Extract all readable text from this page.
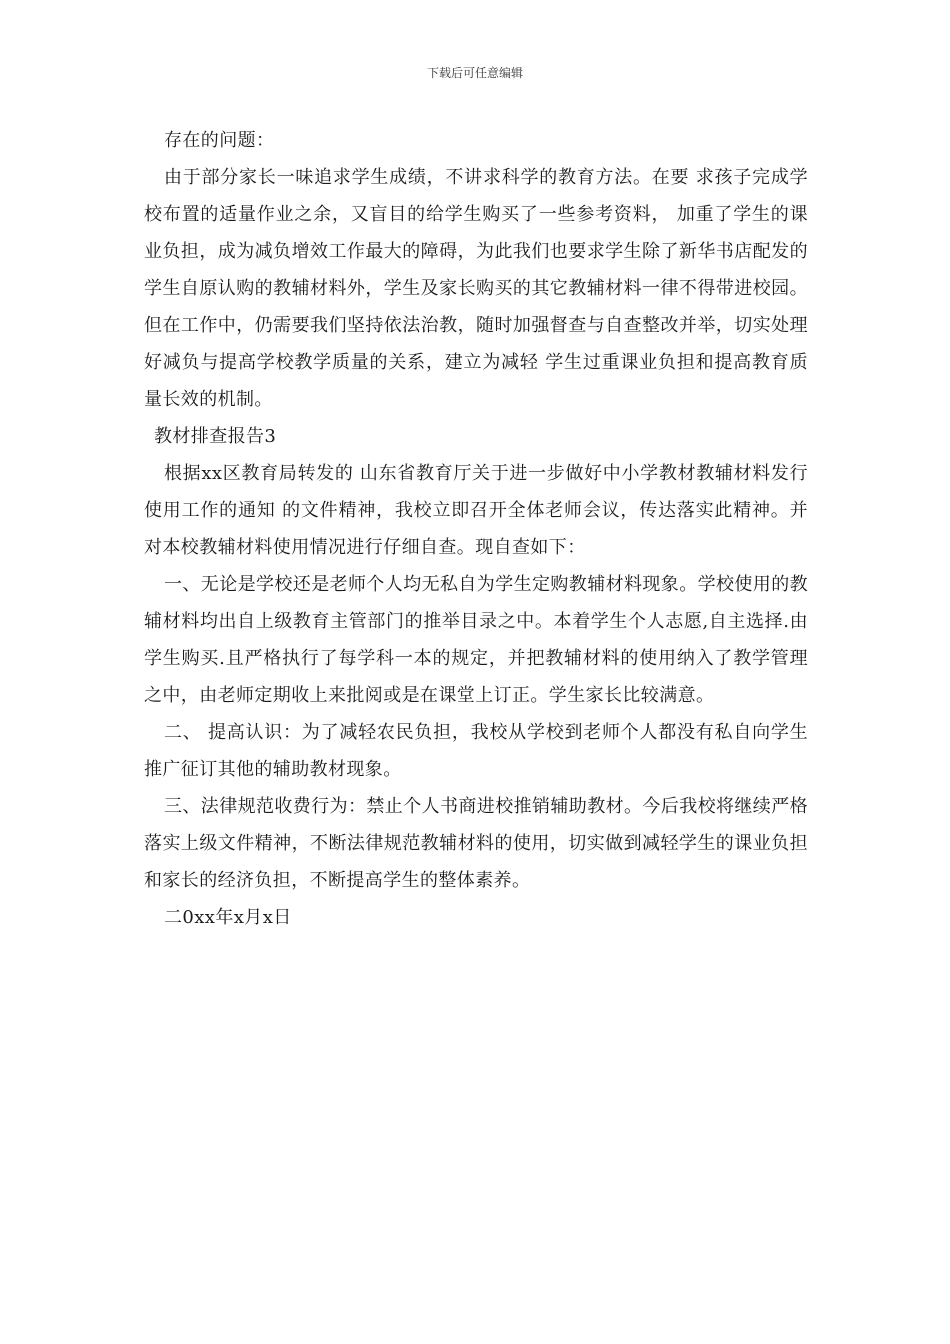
下载后可任意编辑

存在的问题：

由于部分家长一味追求学生成绩，不讲求科学的教育方法。在要 求孩子完成学校布置的适量作业之余，又盲目的给学生购买了一些参考资料， 加重了学生的课业负担，成为减负增效工作最大的障碍，为此我们也要求学生除了新华书店配发的学生自原认购的教辅材料外，学生及家长购买的其它教辅材料一律不得带进校园。但在工作中，仍需要我们坚持依法治教，随时加强督查与自查整改并举，切实处理好减负与提高学校教学质量的关系，建立为减轻 学生过重课业负担和提高教育质量长效的机制。

教材排查报告3

根据xx区教育局转发的 山东省教育厅关于进一步做好中小学教材教辅材料发行使用工作的通知 的文件精神，我校立即召开全体老师会议，传达落实此精神。并对本校教辅材料使用情况进行仔细自查。现自查如下：

一、无论是学校还是老师个人均无私自为学生定购教辅材料现象。学校使用的教辅材料均出自上级教育主管部门的推举目录之中。本着学生个人志愿,自主选择.由学生购买.且严格执行了每学科一本的规定，并把教辅材料的使用纳入了教学管理之中，由老师定期收上来批阅或是在课堂上订正。学生家长比较满意。

二、 提高认识：为了减轻农民负担，我校从学校到老师个人都没有私自向学生推广征订其他的辅助教材现象。

三、法律规范收费行为：禁止个人书商进校推销辅助教材。今后我校将继续严格落实上级文件精神，不断法律规范教辅材料的使用，切实做到减轻学生的课业负担和家长的经济负担，不断提高学生的整体素养。

二0xx年x月x日
